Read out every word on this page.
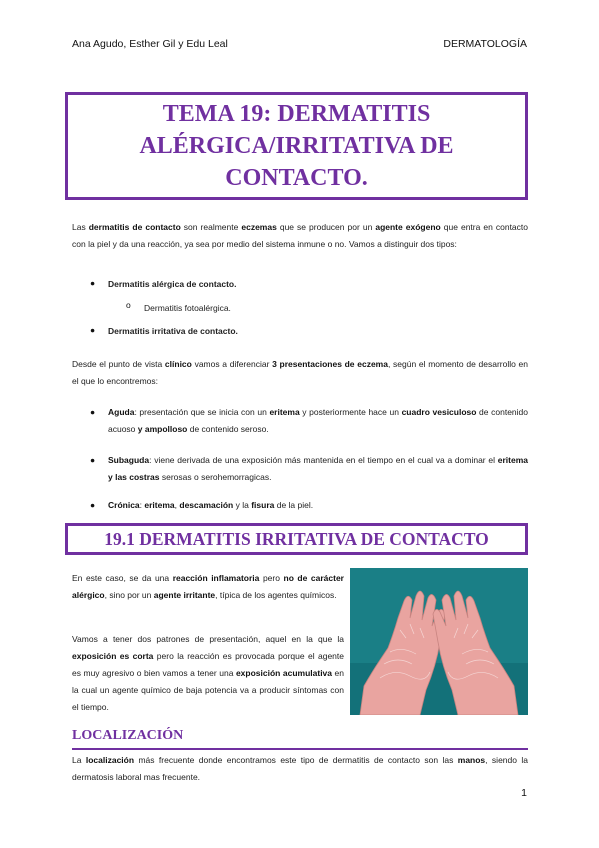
Ana Agudo, Esther Gil y Edu Leal	DERMATOLOGÍA
TEMA 19: DERMATITIS ALÉRGICA/IRRITATIVA DE CONTACTO.

Las dermatitis de contacto son realmente eczemas que se producen por un agente exógeno que entra en contacto con la piel y da una reacción, ya sea por medio del sistema inmune o no. Vamos a distinguir dos tipos:

● Dermatitis alérgica de contacto.
o Dermatitis fotoalérgica.
● Dermatitis irritativa de contacto.

Desde el punto de vista clínico vamos a diferenciar 3 presentaciones de eczema, según el momento de desarrollo en el que lo encontremos:

● Aguda: presentación que se inicia con un eritema y posteriormente hace un cuadro vesiculoso de contenido acuoso y ampolloso de contenido seroso.

● Subaguda: viene derivada de una exposición más mantenida en el tiempo en el cual va a dominar el eritema y las costras serosas o serohemorragicas.

● Crónica: eritema, descamación y la fisura de la piel.

19.1 DERMATITIS IRRITATIVA DE CONTACTO

En este caso, se da una reacción inflamatoria pero no de carácter alérgico, sino por un agente irritante, típica de los agentes químicos.

Vamos a tener dos patrones de presentación, aquel en la que la exposición es corta pero la reacción es provocada porque el agente es muy agresivo o bien vamos a tener una exposición acumulativa en la cual un agente químico de baja potencia va a producir síntomas con el tiempo.

LOCALIZACIÓN

La localización más frecuente donde encontramos este tipo de dermatitis de contacto son las manos, siendo la dermatosis laboral mas frecuente.

1
